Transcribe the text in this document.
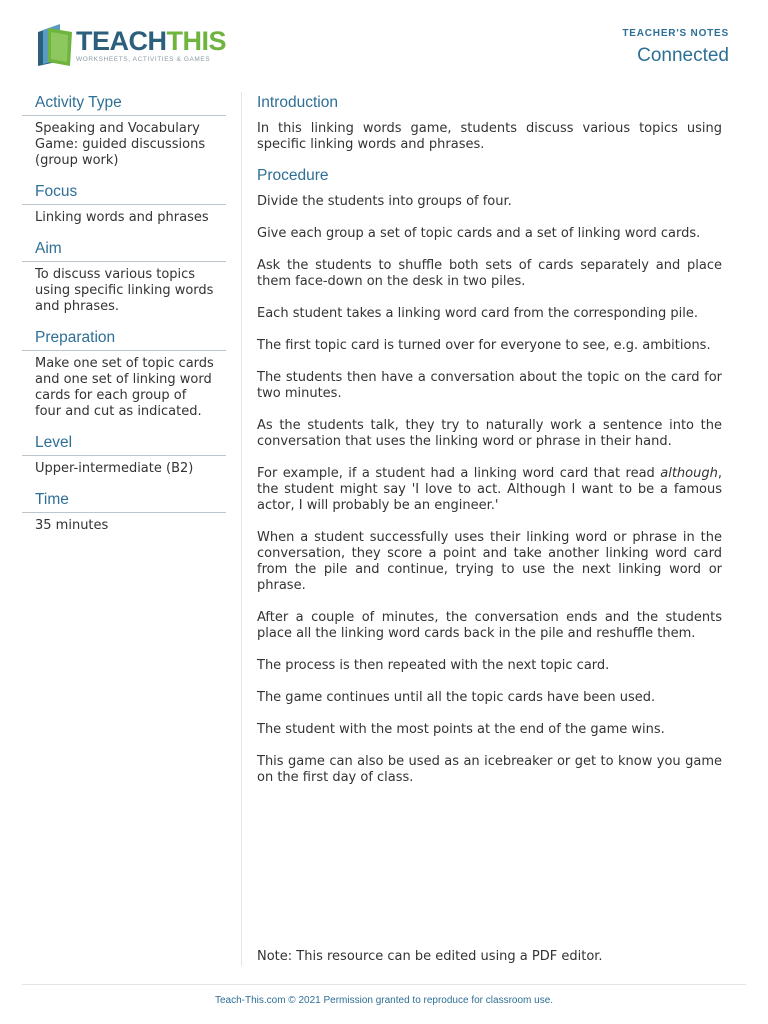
TEACHTHIS
WORKSHEETS, ACTIVITIES & GAMES
TEACHER'S NOTES
Connected
Activity Type
Speaking and Vocabulary Game: guided discussions (group work)
Focus
Linking words and phrases
Aim
To discuss various topics using specific linking words and phrases.
Preparation
Make one set of topic cards and one set of linking word cards for each group of four and cut as indicated.
Level
Upper-intermediate (B2)
Time
35 minutes
Introduction

In this linking words game, students discuss various topics using specific linking words and phrases.

Procedure

Divide the students into groups of four.

Give each group a set of topic cards and a set of linking word cards.

Ask the students to shuffle both sets of cards separately and place them face-down on the desk in two piles.

Each student takes a linking word card from the corresponding pile.

The first topic card is turned over for everyone to see, e.g. ambitions.

The students then have a conversation about the topic on the card for two minutes.

As the students talk, they try to naturally work a sentence into the conversation that uses the linking word or phrase in their hand.

For example, if a student had a linking word card that read although, the student might say 'I love to act. Although I want to be a famous actor, I will probably be an engineer.'

When a student successfully uses their linking word or phrase in the conversation, they score a point and take another linking word card from the pile and continue, trying to use the next linking word or phrase.

After a couple of minutes, the conversation ends and the students place all the linking word cards back in the pile and reshuffle them.

The process is then repeated with the next topic card.

The game continues until all the topic cards have been used.

The student with the most points at the end of the game wins.

This game can also be used as an icebreaker or get to know you game on the first day of class.

Note: This resource can be edited using a PDF editor.
Teach-This.com © 2021 Permission granted to reproduce for classroom use.
